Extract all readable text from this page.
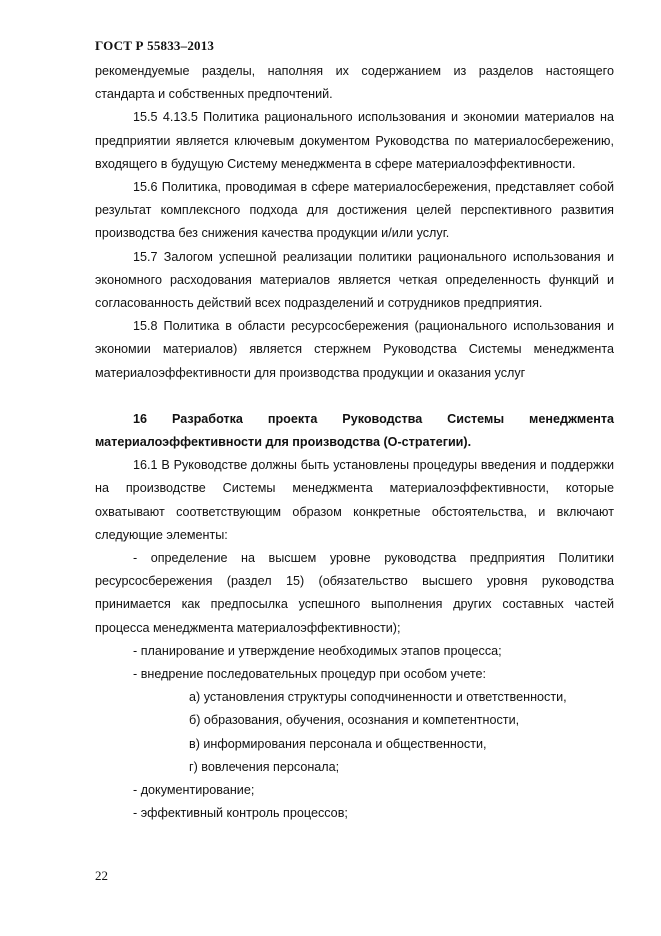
ГОСТ Р 55833–2013

рекомендуемые разделы, наполняя их содержанием из разделов настоящего стандарта и собственных предпочтений.

15.5 4.13.5 Политика рационального использования и экономии материалов на предприятии является ключевым документом Руководства по материалосбережению, входящего в будущую Систему менеджмента в сфере материалоэффективности.

15.6 Политика, проводимая в сфере материалосбережения, представляет собой результат комплексного подхода для достижения целей перспективного развития производства без снижения качества продукции и/или услуг.

15.7 Залогом успешной реализации политики рационального использования и экономного расходования материалов является четкая определенность функций и согласованность действий всех подразделений и сотрудников предприятия.

15.8 Политика в области ресурсосбережения (рационального использования и экономии материалов) является стержнем Руководства Системы менеджмента материалоэффективности для производства продукции и оказания услуг

16 Разработка проекта Руководства Системы менеджмента материалоэффективности для производства (О-стратегии).

16.1 В Руководстве должны быть установлены процедуры введения и поддержки на производстве Системы менеджмента материалоэффективности, которые охватывают соответствующим образом конкретные обстоятельства, и включают следующие элементы:

- определение на высшем уровне руководства предприятия Политики ресурсосбережения (раздел 15) (обязательство высшего уровня руководства принимается как предпосылка успешного выполнения других составных частей процесса менеджмента материалоэффективности);

- планирование и утверждение необходимых этапов процесса;

- внедрение последовательных процедур при особом учете:

а) установления структуры соподчиненности и ответственности,

б) образования, обучения, осознания и компетентности,

в) информирования персонала и общественности,

г) вовлечения персонала;

- документирование;

- эффективный контроль процессов;

22
